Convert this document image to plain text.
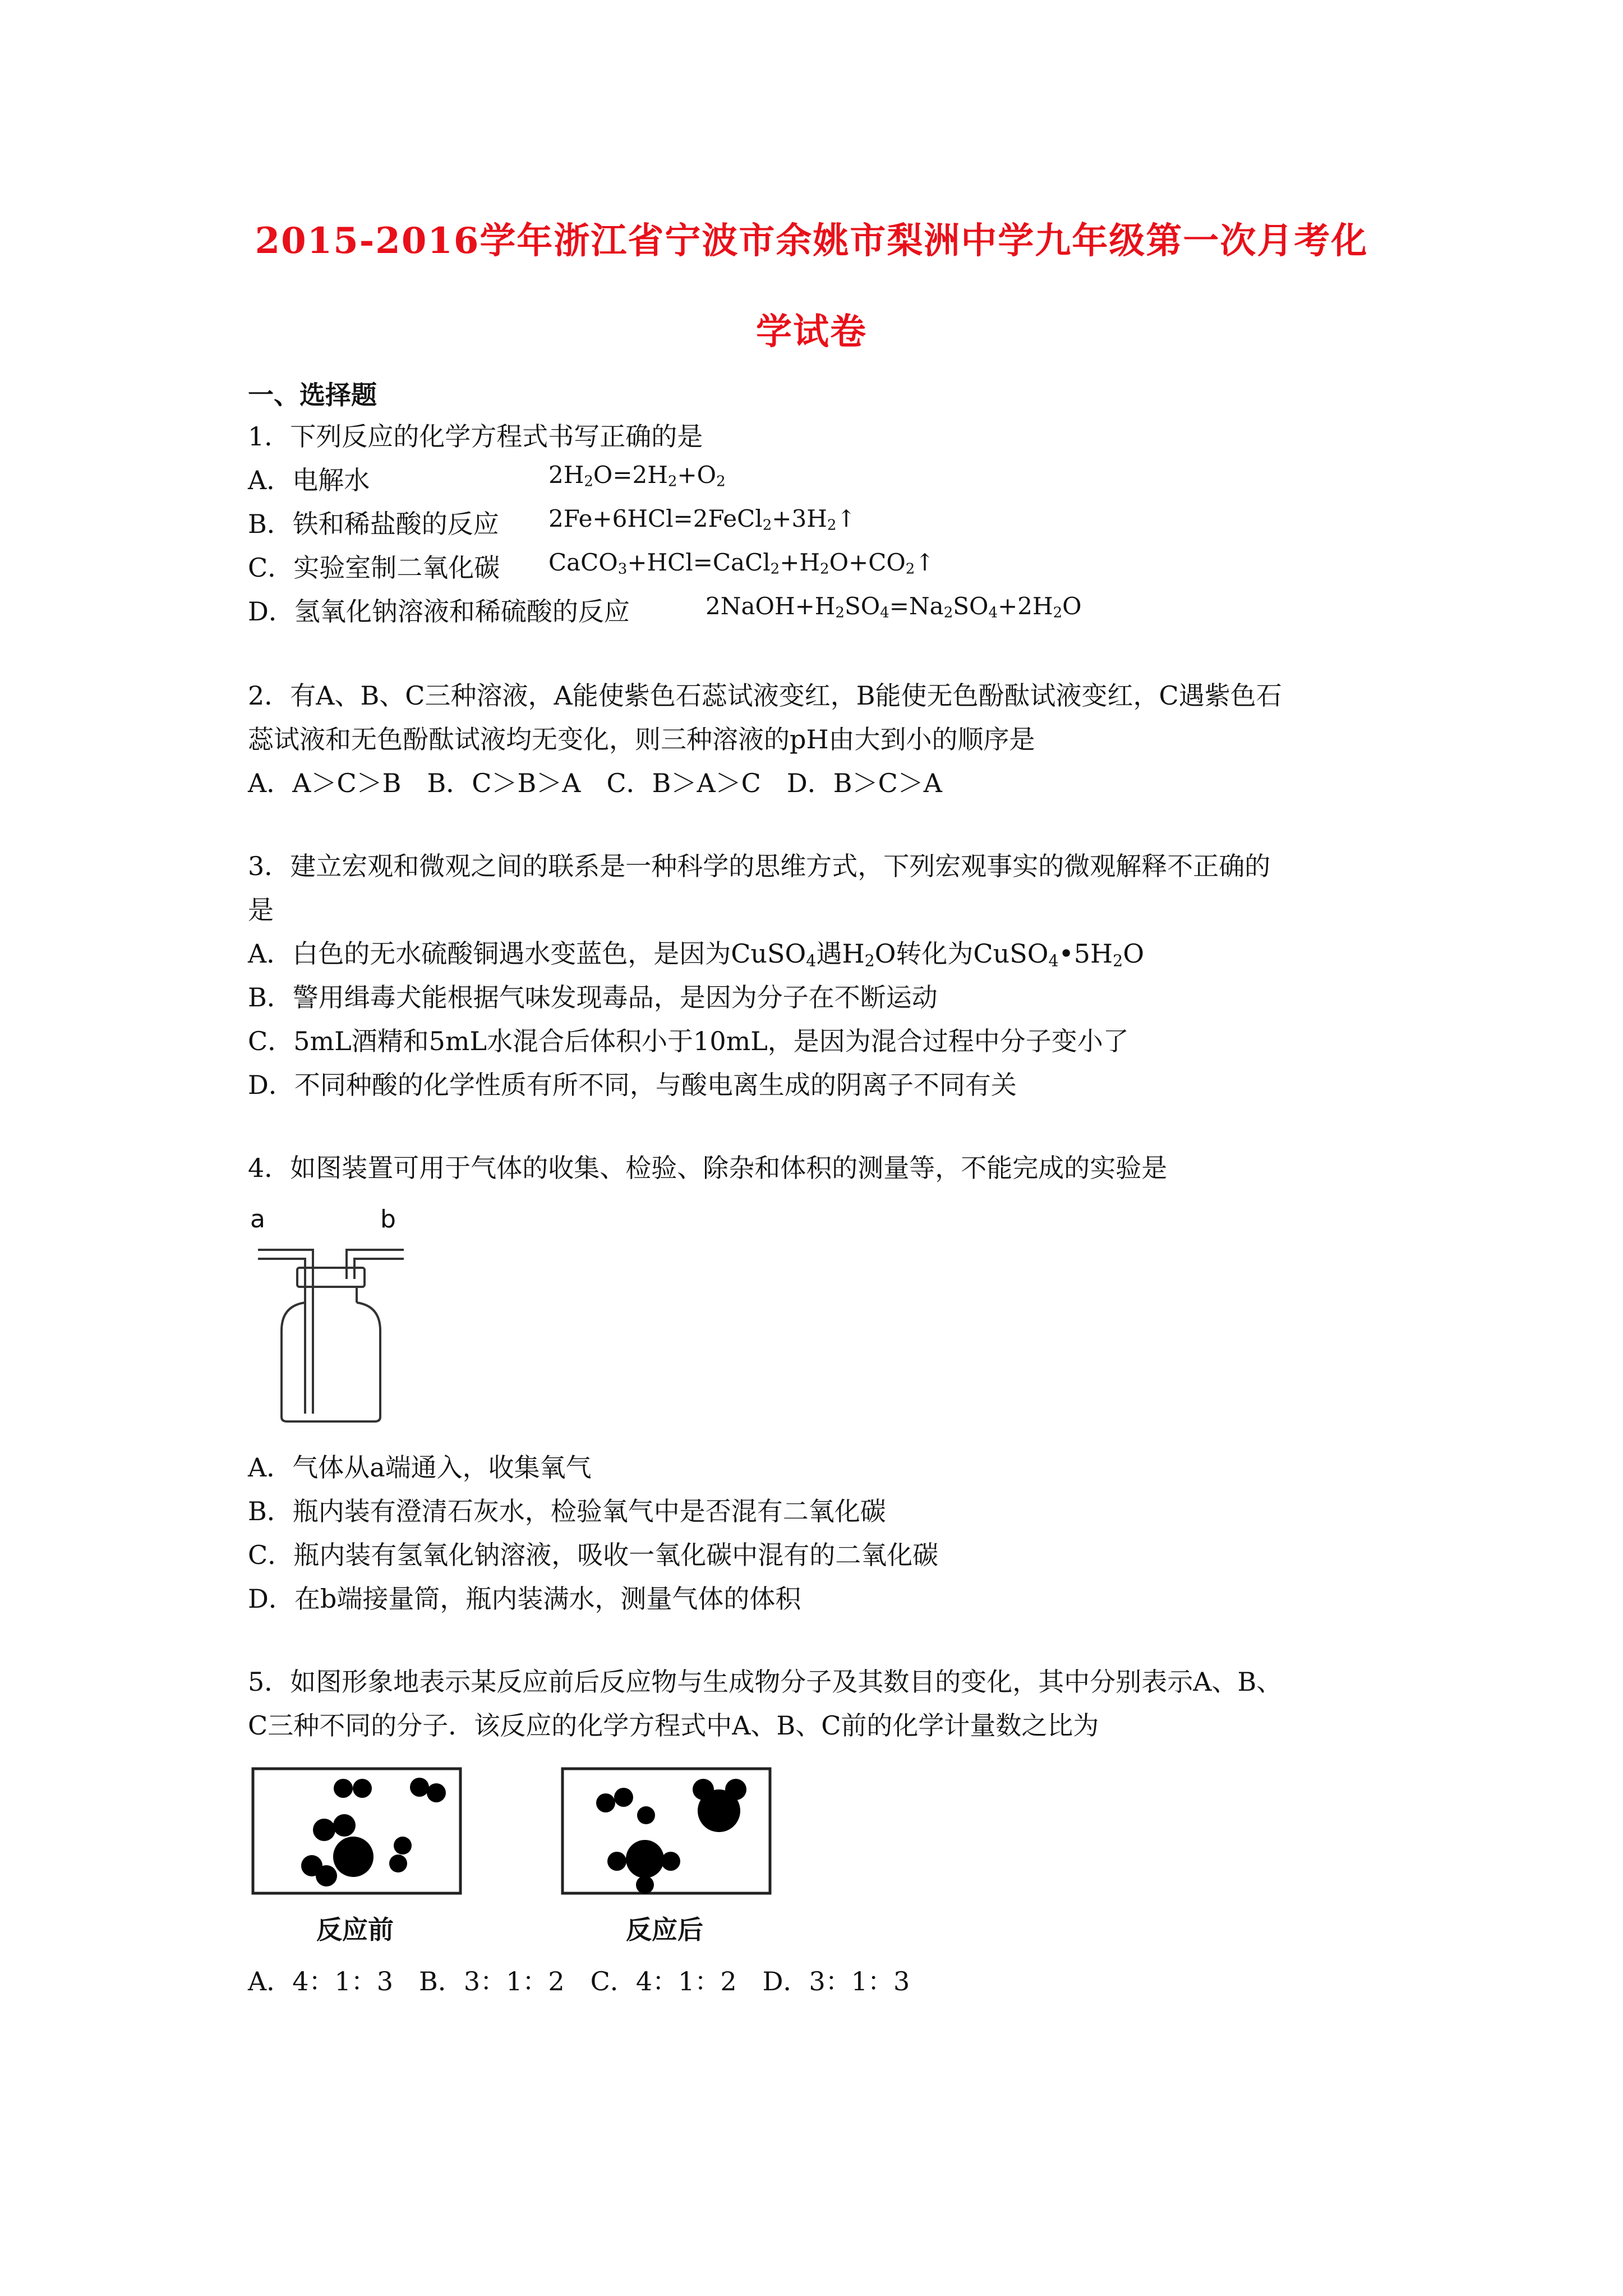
2015-2016学年浙江省宁波市余姚市梨洲中学九年级第一次月考化
学试卷
一、选择题
1．下列反应的化学方程式书写正确的是
A．电解水	$2H_2O=2H_2+O_2$
B．铁和稀盐酸的反应 $2Fe+6HCl=2FeCl_2+3H_2↑$
C．实验室制二氧化碳 $CaCO_3+HCl=CaCl_2+H_2O+CO_2↑$
D．氢氧化钠溶液和稀硫酸的反应	$2NaOH+H_2SO_4=Na_2SO_4+2H_2O$
2．有A、B、C三种溶液，A能使紫色石蕊试液变红，B能使无色酚酞试液变红，C遇紫色石
蕊试液和无色酚酞试液均无变化，则三种溶液的pH由大到小的顺序是
A．A＞C＞B　B．C＞B＞A　C．B＞A＞C　D．B＞C＞A
3．建立宏观和微观之间的联系是一种科学的思维方式，下列宏观事实的微观解释不正确的
是
A．白色的无水硫酸铜遇水变蓝色，是因为CuSO$_4$遇$H_2O$转化为$CuSO_4•5H_2O$
B．警用缉毒犬能根据气味发现毒品，是因为分子在不断运动
C．5mL酒精和5mL水混合后体积小于10mL，是因为混合过程中分子变小了
D．不同种酸的化学性质有所不同，与酸电离生成的阴离子不同有关
4．如图装置可用于气体的收集、检验、除杂和体积的测量等，不能完成的实验是
a	b
A．气体从a端通入，收集氧气
B．瓶内装有澄清石灰水，检验氧气中是否混有二氧化碳
C．瓶内装有氢氧化钠溶液，吸收一氧化碳中混有的二氧化碳
D．在b端接量筒，瓶内装满水，测量气体的体积
5．如图形象地表示某反应前后反应物与生成物分子及其数目的变化，其中分别表示A、B、
C三种不同的分子．该反应的化学方程式中A、B、C前的化学计量数之比为
反应前	反应后
A．4：1：3　B．3：1：2　C．4：1：2　D．3：1：3
